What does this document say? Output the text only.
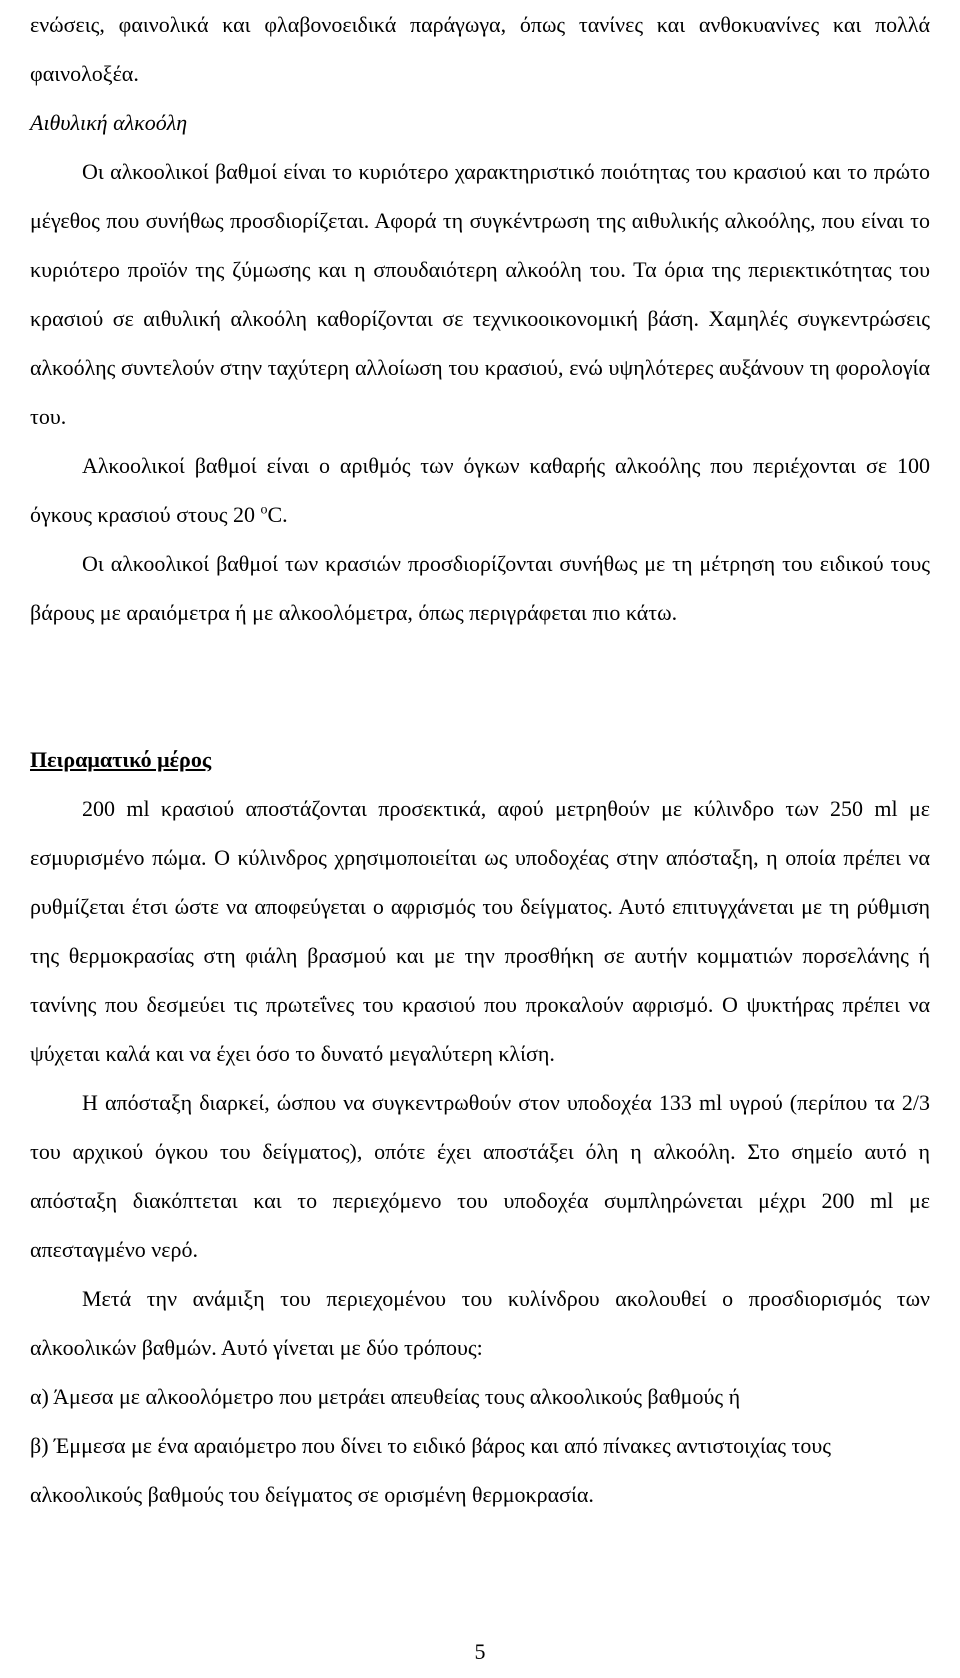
ενώσεις, φαινολικά και φλαβονοειδικά παράγωγα, όπως τανίνες και ανθοκυανίνες και πολλά φαινολοξέα.

Αιθυλική αλκοόλη

Οι αλκοολικοί βαθμοί είναι το κυριότερο χαρακτηριστικό ποιότητας του κρασιού και το πρώτο μέγεθος που συνήθως προσδιορίζεται. Αφορά τη συγκέντρωση της αιθυλικής αλκοόλης, που είναι το κυριότερο προϊόν της ζύμωσης και η σπουδαιότερη αλκοόλη του. Τα όρια της περιεκτικότητας του κρασιού σε αιθυλική αλκοόλη καθορίζονται σε τεχνικοοικονομική βάση. Χαμηλές συγκεντρώσεις αλκοόλης συντελούν στην ταχύτερη αλλοίωση του κρασιού, ενώ υψηλότερες αυξάνουν τη φορολογία του.

Αλκοολικοί βαθμοί είναι ο αριθμός των όγκων καθαρής αλκοόλης που περιέχονται σε 100 όγκους κρασιού στους 20 $^o$C.

Οι αλκοολικοί βαθμοί των κρασιών προσδιορίζονται συνήθως με τη μέτρηση του ειδικού τους βάρους με αραιόμετρα ή με αλκοολόμετρα, όπως περιγράφεται πιο κάτω.

Πειραματικό μέρος

200 ml κρασιού αποστάζονται προσεκτικά, αφού μετρηθούν με κύλινδρο των 250 ml με εσμυρισμένο πώμα. Ο κύλινδρος χρησιμοποιείται ως υποδοχέας στην απόσταξη, η οποία πρέπει να ρυθμίζεται έτσι ώστε να αποφεύγεται ο αφρισμός του δείγματος. Αυτό επιτυγχάνεται με τη ρύθμιση της θερμοκρασίας στη φιάλη βρασμού και με την προσθήκη σε αυτήν κομματιών πορσελάνης ή τανίνης που δεσμεύει τις πρωτεΐνες του κρασιού που προκαλούν αφρισμό. Ο ψυκτήρας πρέπει να ψύχεται καλά και να έχει όσο το δυνατό μεγαλύτερη κλίση.

Η απόσταξη διαρκεί, ώσπου να συγκεντρωθούν στον υποδοχέα 133 ml υγρού (περίπου τα 2/3 του αρχικού όγκου του δείγματος), οπότε έχει αποστάξει όλη η αλκοόλη. Στο σημείο αυτό η απόσταξη διακόπτεται και το περιεχόμενο του υποδοχέα συμπληρώνεται μέχρι 200 ml με απεσταγμένο νερό.

Μετά την ανάμιξη του περιεχομένου του κυλίνδρου ακολουθεί ο προσδιορισμός των αλκοολικών βαθμών. Αυτό γίνεται με δύο τρόπους:

α) Άμεσα με αλκοολόμετρο που μετράει απευθείας τους αλκοολικούς βαθμούς ή

β) Έμμεσα με ένα αραιόμετρο που δίνει το ειδικό βάρος και από πίνακες αντιστοιχίας τους αλκοολικούς βαθμούς του δείγματος σε ορισμένη θερμοκρασία.

5
